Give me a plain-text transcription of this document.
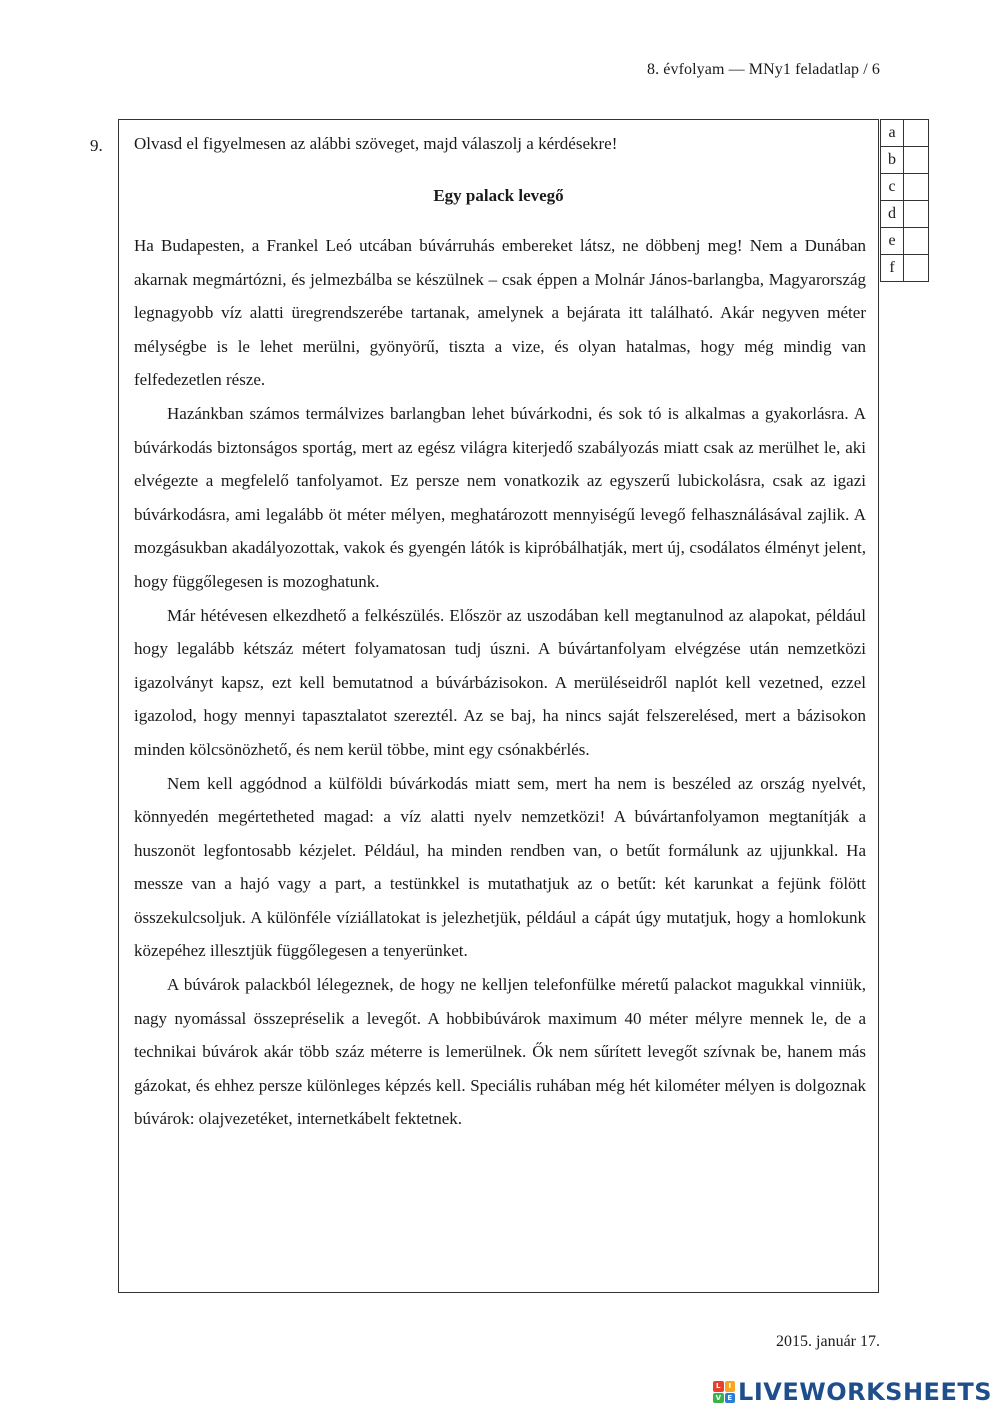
8. évfolyam — MNy1 feladatlap / 6
9. Olvasd el figyelmesen az alábbi szöveget, majd válaszolj a kérdésekre!
Egy palack levegő

Ha Budapesten, a Frankel Leó utcában búvárruhás embereket látsz, ne döbbenj meg! Nem a Dunában akarnak megmártózni, és jelmezbálba se készülnek – csak éppen a Molnár János-barlangba, Magyarország legnagyobb víz alatti üregrendszerébe tartanak, amelynek a bejárata itt található. Akár negyven méter mélységbe is le lehet merülni, gyönyörű, tiszta a vize, és olyan hatalmas, hogy még mindig van felfedezetlen része.

Hazánkban számos termálvizes barlangban lehet búvárkodni, és sok tó is alkalmas a gyakorlásra. A búvárkodás biztonságos sportág, mert az egész világra kiterjedő szabályozás miatt csak az merülhet le, aki elvégezte a megfelelő tanfolyamot. Ez persze nem vonatkozik az egyszerű lubickolásra, csak az igazi búvárkodásra, ami legalább öt méter mélyen, meghatározott mennyiségű levegő felhasználásával zajlik. A mozgásukban akadályozottak, vakok és gyengén látók is kipróbálhatják, mert új, csodálatos élményt jelent, hogy függőlegesen is mozoghatunk.

Már hétévesen elkezdhető a felkészülés. Először az uszodában kell megtanulnod az alapokat, például hogy legalább kétszáz métert folyamatosan tudj úszni. A búvártanfolyam elvégzése után nemzetközi igazolványt kapsz, ezt kell bemutatnod a búvárbázisokon. A merüléseidről naplót kell vezetned, ezzel igazolod, hogy mennyi tapasztalatot szereztél. Az se baj, ha nincs saját felszerelésed, mert a bázisokon minden kölcsönözhető, és nem kerül többe, mint egy csónakbérlés.

Nem kell aggódnod a külföldi búvárkodás miatt sem, mert ha nem is beszéled az ország nyelvét, könnyedén megértetheted magad: a víz alatti nyelv nemzetközi! A búvártanfolyamon megtanítják a huszonöt legfontosabb kézjelet. Például, ha minden rendben van, o betűt formálunk az ujjunkkal. Ha messze van a hajó vagy a part, a testünkkel is mutathatjuk az o betűt: két karunkat a fejünk fölött összekulcsoljuk. A különféle víziállatokat is jelezhetjük, például a cápát úgy mutatjuk, hogy a homlokunk közepéhez illesztjük függőlegesen a tenyerünket.

A búvárok palackból lélegeznek, de hogy ne kelljen telefonfülke méretű palackot magukkal vinniük, nagy nyomással összepréselik a levegőt. A hobbibúvárok maximum 40 méter mélyre mennek le, de a technikai búvárok akár több száz méterre is lemerülnek. Ők nem sűrített levegőt szívnak be, hanem más gázokat, és ehhez persze különleges képzés kell. Speciális ruhában még hét kilométer mélyen is dolgoznak búvárok: olajvezetéket, internetkábelt fektetnek.

a	
b	
c	
d	
e	
f	
2015. január 17.
L	I
V E LIVEWORKSHEETS
